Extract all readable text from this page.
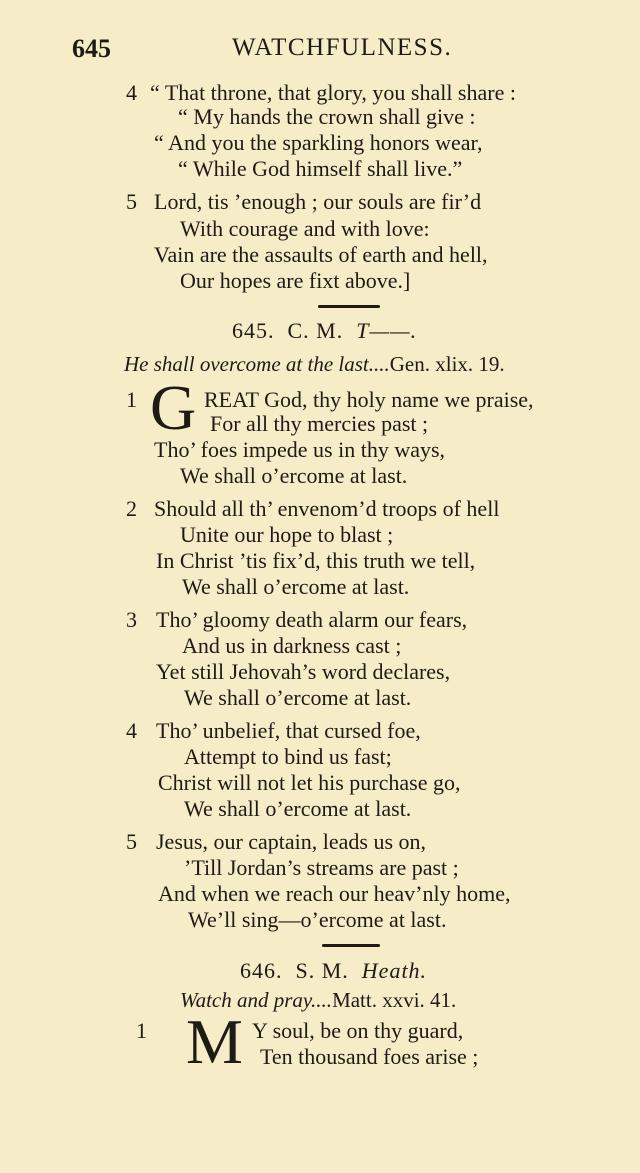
645	WATCHFULNESS.
4 “ That throne, that glory, you shall share :
“ My hands the crown shall give :
“ And you the sparkling honors wear,
“ While God himself shall live.”
5 Lord, tis ’enough ; our souls are fir’d
With courage and with love:
Vain are the assaults of earth and hell,
Our hopes are fixt above.]
645. C. M. T——.
He shall overcome at the last....Gen. xlix. 19.
1 G REAT God, thy holy name we praise,
For all thy mercies past ;
Tho’ foes impede us in thy ways,
We shall o’ercome at last.
2 Should all th’ envenom’d troops of hell
Unite our hope to blast ;
In Christ ’tis fix’d, this truth we tell,
We shall o’ercome at last.
3 Tho’ gloomy death alarm our fears,
And us in darkness cast ;
Yet still Jehovah’s word declares,
We shall o’ercome at last.
4 Tho’ unbelief, that cursed foe,
Attempt to bind us fast;
Christ will not let his purchase go,
We shall o’ercome at last.
5 Jesus, our captain, leads us on,
’Till Jordan’s streams are past ;
And when we reach our heav’nly home,
We’ll sing—o’ercome at last.
646. S. M. Heath.
Watch and pray....Matt. xxvi. 41.
1 M Y soul, be on thy guard,
Ten thousand foes arise ;
